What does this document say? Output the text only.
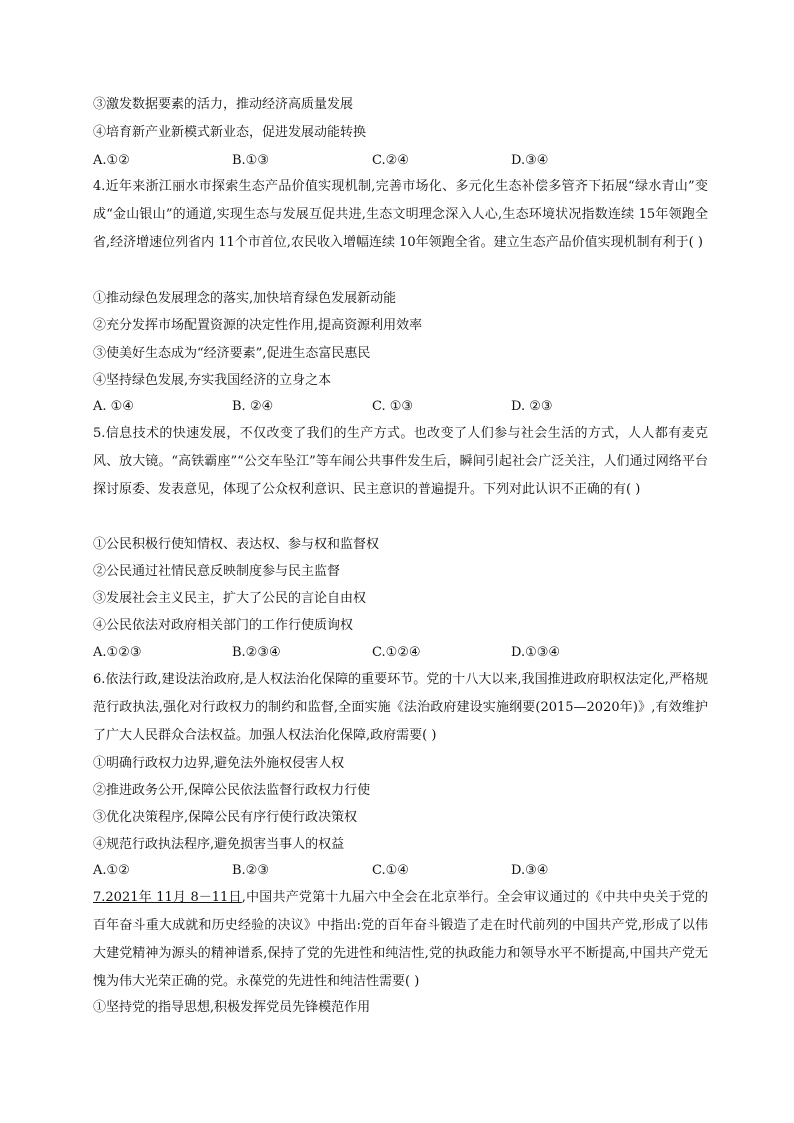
③激发数据要素的活力，推动经济高质量发展
④培育新产业新模式新业态，促进发展动能转换
A.①②	B.①③	C.②④	D.③④
4.近年来浙江丽水市探索生态产品价值实现机制,完善市场化、多元化生态补偿多管齐下拓展“绿水青山”变成“金山银山”的通道,实现生态与发展互促共进,生态文明理念深入人心,生态环境状况指数连续 15年领跑全省,经济增速位列省内 11个市首位,农民收入增幅连续 10年领跑全省。建立生态产品价值实现机制有利于( )
①推动绿色发展理念的落实,加快培育绿色发展新动能
②充分发挥市场配置资源的决定性作用,提高资源利用效率
③使美好生态成为“经济要素”,促进生态富民惠民
④坚持绿色发展,夯实我国经济的立身之本
A. ①④	B. ②④	C. ①③	D. ②③
5.信息技术的快速发展，不仅改变了我们的生产方式。也改变了人们参与社会生活的方式，人人都有麦克风、放大镜。“高铁霸座”“公交车坠江”等车闹公共事件发生后，瞬间引起社会广泛关注，人们通过网络平台探讨原委、发表意见，体现了公众权利意识、民主意识的普遍提升。下列对此认识不正确的有( )
①公民积极行使知情权、表达权、参与权和监督权
②公民通过社情民意反映制度参与民主监督
③发展社会主义民主，扩大了公民的言论自由权
④公民依法对政府相关部门的工作行使质询权
A.①②③	B.②③④	C.①②④	D.①③④
6.依法行政,建设法治政府,是人权法治化保障的重要环节。党的十八大以来,我国推进政府职权法定化,严格规范行政执法,强化对行政权力的制约和监督,全面实施《法治政府建设实施纲要(2015—2020年)》,有效维护了广大人民群众合法权益。加强人权法治化保障,政府需要( )
①明确行政权力边界,避免法外施权侵害人权
②推进政务公开,保障公民依法监督行政权力行使
③优化决策程序,保障公民有序行使行政决策权
④规范行政执法程序,避免损害当事人的权益
A.①②	B.②③	C.①④	D.③④
7.2021年 11月 8－11日,中国共产党第十九届六中全会在北京举行。全会审议通过的《中共中央关于党的百年奋斗重大成就和历史经验的决议》中指出:党的百年奋斗锻造了走在时代前列的中国共产党,形成了以伟大建党精神为源头的精神谱系,保持了党的先进性和纯洁性,党的执政能力和领导水平不断提高,中国共产党无愧为伟大光荣正确的党。永葆党的先进性和纯洁性需要( )
①坚持党的指导思想,积极发挥党员先锋模范作用
